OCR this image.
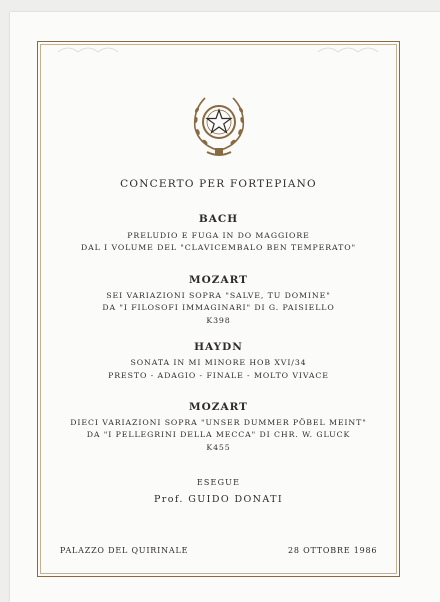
CONCERTO PER FORTEPIANO
BACH
PRELUDIO E FUGA IN DO MAGGIORE
DAL I VOLUME DEL "CLAVICEMBALO BEN TEMPERATO"
MOZART
SEI VARIAZIONI SOPRA "SALVE, TU DOMINE"
DA "I FILOSOFI IMMAGINARI" DI G. PAISIELLO
K398
HAYDN
SONATA IN MI MINORE HOB XVI/34
PRESTO - ADAGIO - FINALE - MOLTO VIVACE
MOZART
DIECI VARIAZIONI SOPRA "UNSER DUMMER PÖBEL MEINT"
DA "I PELLEGRINI DELLA MECCA" DI CHR. W. GLUCK
K455
ESEGUE
Prof. GUIDO DONATI
PALAZZO DEL QUIRINALE	28 OTTOBRE 1986
